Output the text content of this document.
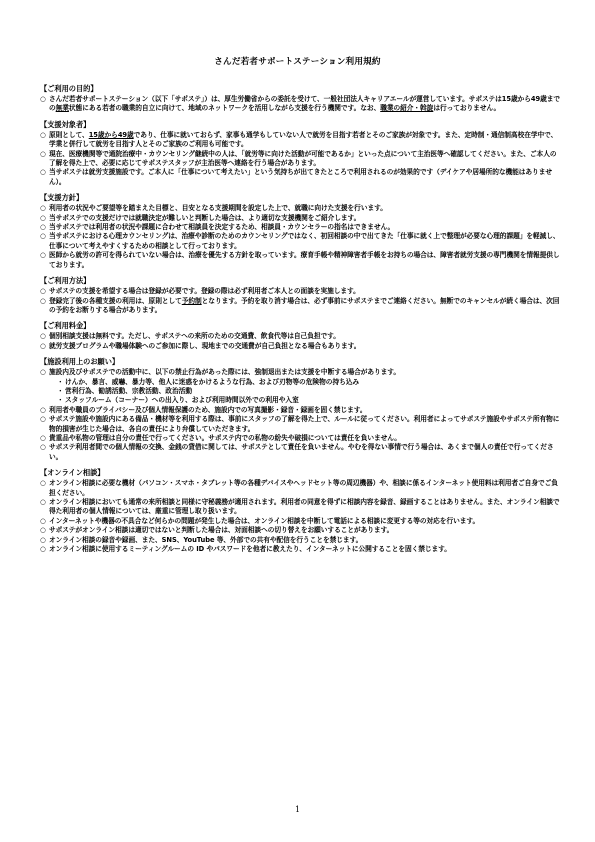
さんだ若者サポートステーション利用規約
【ご利用の目的】
○ さんだ若者サポートステーション（以下「サポステ」）は、厚生労働省からの委託を受けて、一般社団法人キャリアエールが運営しています。サポステは15歳から49歳までの無業状態にある若者の職業的自立に向けて、地域のネットワークを活用しながら支援を行う機関です。なお、職業の紹介・斡旋は行っておりません。
【支援対象者】
○ 原則として、15歳から49歳であり、仕事に就いておらず、家事も通学もしていない人で就労を目指す若者とそのご家族が対象です。また、定時制・通信制高校在学中で、学業と併行して就労を目指す人とそのご家族のご利用も可能です。
○ 現在、医療機関等で通院治療中・カウンセリング継続中の人は、「就労等に向けた活動が可能であるか」といった点について主治医等へ確認してください。また、ご本人の了解を得た上で、必要に応じてサポステスタッフが主治医等へ連絡を行う場合があります。
○ 当サポステは就労支援施設です。ご本人に「仕事について考えたい」という気持ちが出てきたところで利用されるのが効果的です（デイケアや居場所的な機能はありません）。
【支援方針】
○ 利用者の状況やご要望等を踏まえた目標と、目安となる支援期間を設定した上で、就職に向けた支援を行います。
○ 当サポステでの支援だけでは就職決定が難しいと判断した場合は、より適切な支援機関をご紹介します。
○ 当サポステでは利用者の状況や課題に合わせて相談員を決定するため、相談員・カウンセラーの指名はできません。
○ 当サポステにおける心理カウンセリングは、治療や診断のためのカウンセリングではなく、初回相談の中で出てきた「仕事に就く上で整理が必要な心理的課題」を軽減し、仕事について考えやすくするための相談として行っております。
○ 医師から就労の許可を得られていない場合は、治療を優先する方針を取っています。療育手帳や精神障害者手帳をお持ちの場合は、障害者就労支援の専門機関を情報提供しております。
【ご利用方法】
○ サポステの支援を希望する場合は登録が必要です。登録の際は必ず利用者ご本人との面談を実施します。
○ 登録完了後の各種支援の利用は、原則として予約制となります。予約を取り消す場合は、必ず事前にサポステまでご連絡ください。無断でのキャンセルが続く場合は、次回の予約をお断りする場合があります。
【ご利用料金】
○ 個別相談支援は無料です。ただし、サポステへの来所のための交通費、飲食代等は自己負担です。
○ 就労支援プログラムや職場体験へのご参加に際し、現地までの交通費が自己負担となる場合もあります。
【施設利用上のお願い】
○ 施設内及びサポステでの活動中に、以下の禁止行為があった際には、強制退出または支援を中断する場合があります。
・けんか、暴言、威嚇、暴力等、他人に迷惑をかけるような行為、および刃物等の危険物の持ち込み
・営利行為、勧誘活動、宗教活動、政治活動
・スタッフルーム（コーナー）への出入り、および利用時間以外での利用や入室
○ 利用者や職員のプライバシー及び個人情報保護のため、施設内での写真撮影・録音・録画を固く禁じます。
○ サポステ施設や施設内にある備品・機材等を利用する際は、事前にスタッフの了解を得た上で、ルールに従ってください。利用者によってサポステ施設やサポステ所有物に物的損害が生じた場合は、各自の責任により弁償していただきます。
○ 貴重品や私物の管理は自分の責任で行ってください。サポステ内での私物の紛失や破損については責任を負いません。
○ サポステ利用者間での個人情報の交換、金銭の貸借に関しては、サポステとして責任を負いません。やむを得ない事情で行う場合は、あくまで個人の責任で行ってください。
【オンライン相談】
○ オンライン相談に必要な機材（パソコン・スマホ・タブレット等の各種デバイスやヘッドセット等の周辺機器）や、相談に係るインターネット使用料は利用者ご自身でご負担ください。
○ オンライン相談においても通常の来所相談と同様に守秘義務が適用されます。利用者の同意を得ずに相談内容を録音、録画することはありません。また、オンライン相談で得た利用者の個人情報については、厳重に管理し取り扱います。
○ インターネットや機器の不具合など何らかの問題が発生した場合は、オンライン相談を中断して電話による相談に変更する等の対応を行います。
○ サポステがオンライン相談は適切ではないと判断した場合は、対面相談への切り替えをお願いすることがあります。
○ オンライン相談の録音や録画、また、SNS、YouTube 等、外部での共有や配信を行うことを禁じます。
○ オンライン相談に使用するミーティングルームの ID やパスワードを他者に教えたり、インターネットに公開することを固く禁じます。
1
